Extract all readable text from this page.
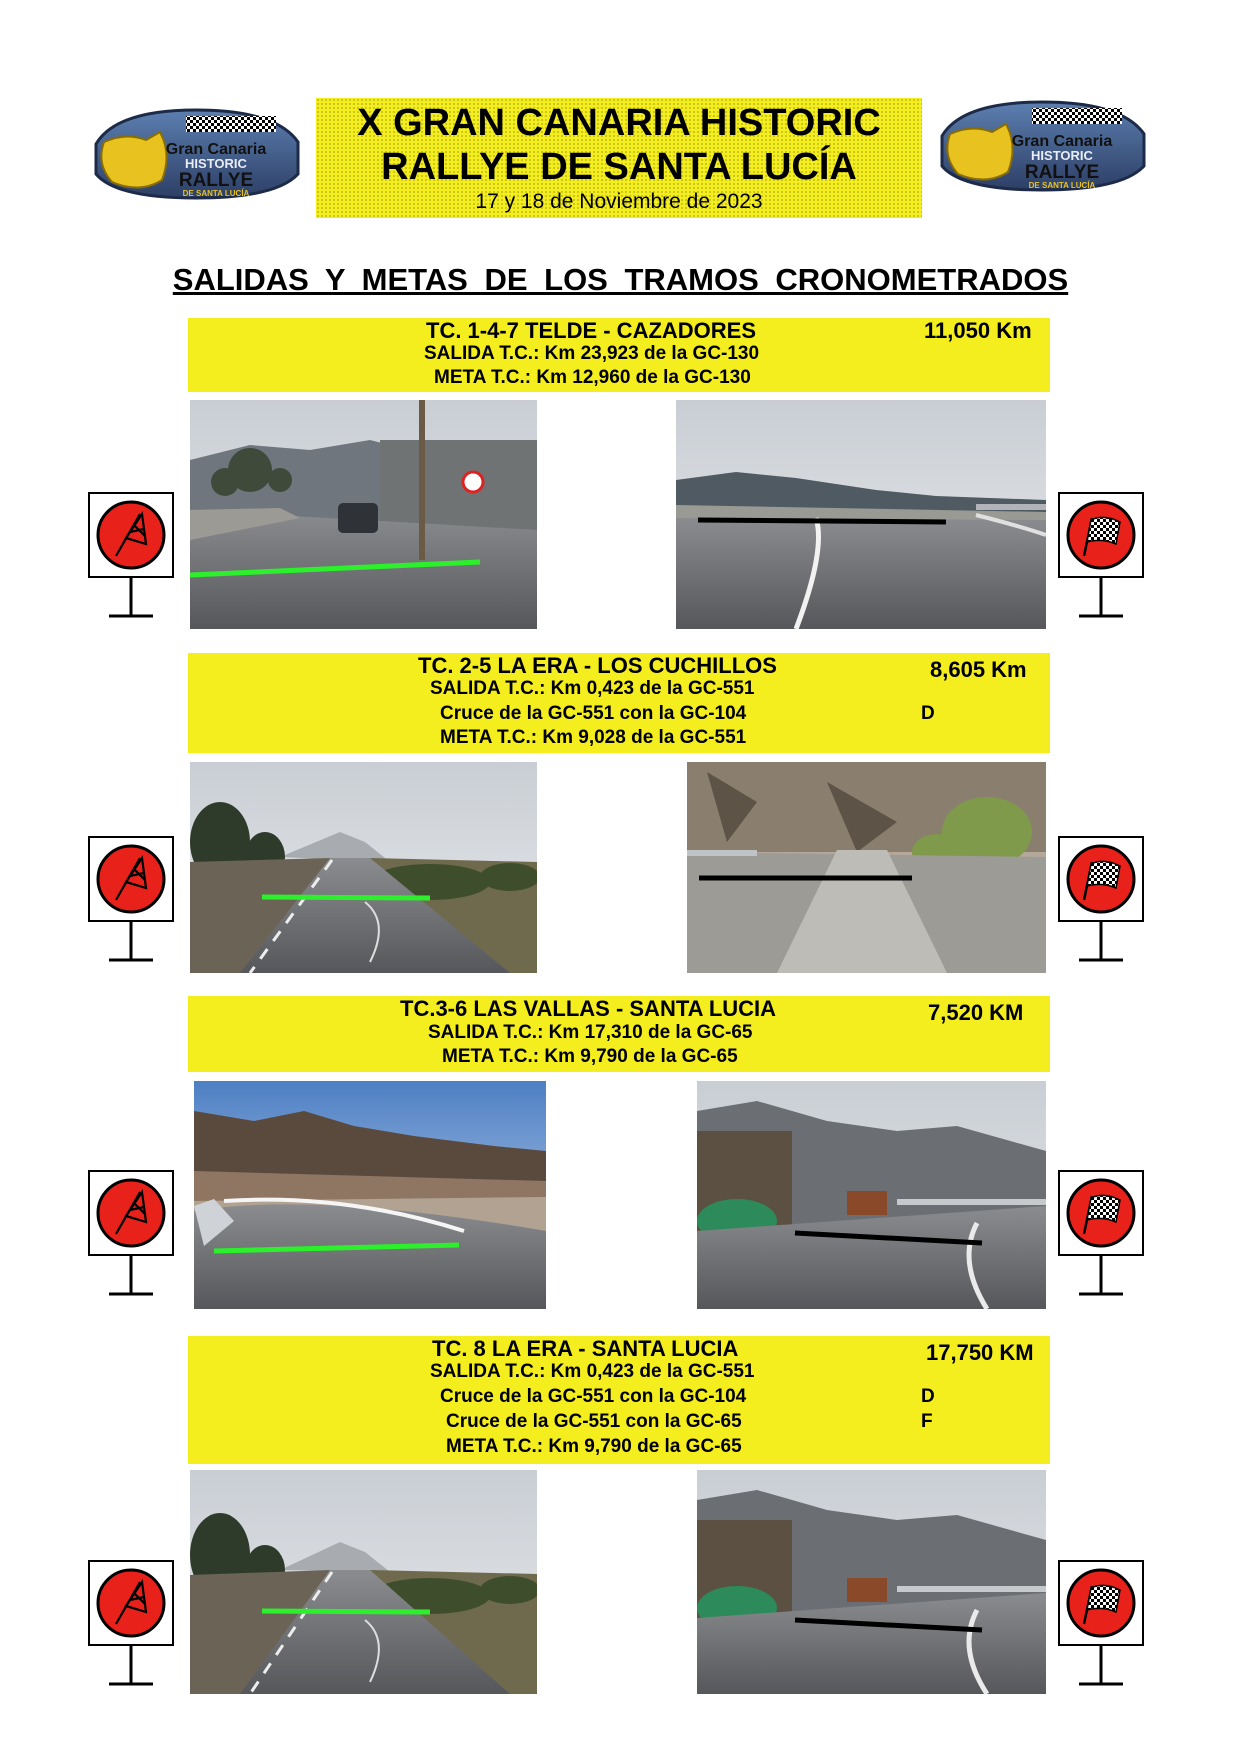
Gran Canaria
HISTORIC
RALLYE
DE SANTA LUCÍA
Gran Canaria
HISTORIC
RALLYE
DE SANTA LUCÍA
X GRAN CANARIA HISTORIC
RALLYE DE SANTA LUCÍA
17 y 18 de Noviembre de 2023
SALIDAS Y METAS DE LOS TRAMOS CRONOMETRADOS
TC. 1-4-7 TELDE - CAZADORES	11,050 Km
SALIDA T.C.: Km 23,923 de la GC-130
META T.C.: Km 12,960 de la GC-130
TC. 2-5 LA ERA - LOS CUCHILLOS	8,605 Km
SALIDA T.C.: Km 0,423 de la GC-551
Cruce de la GC-551 con la GC-104	D
META T.C.: Km 9,028 de la GC-551
TC.3-6 LAS VALLAS - SANTA LUCIA	7,520 KM
SALIDA T.C.: Km 17,310 de la GC-65
META T.C.: Km 9,790 de la GC-65
TC. 8 LA ERA - SANTA LUCIA	17,750 KM
SALIDA T.C.: Km 0,423 de la GC-551
Cruce de la GC-551 con la GC-104	D
Cruce de la GC-551 con la GC-65	F
META T.C.: Km 9,790 de la GC-65
